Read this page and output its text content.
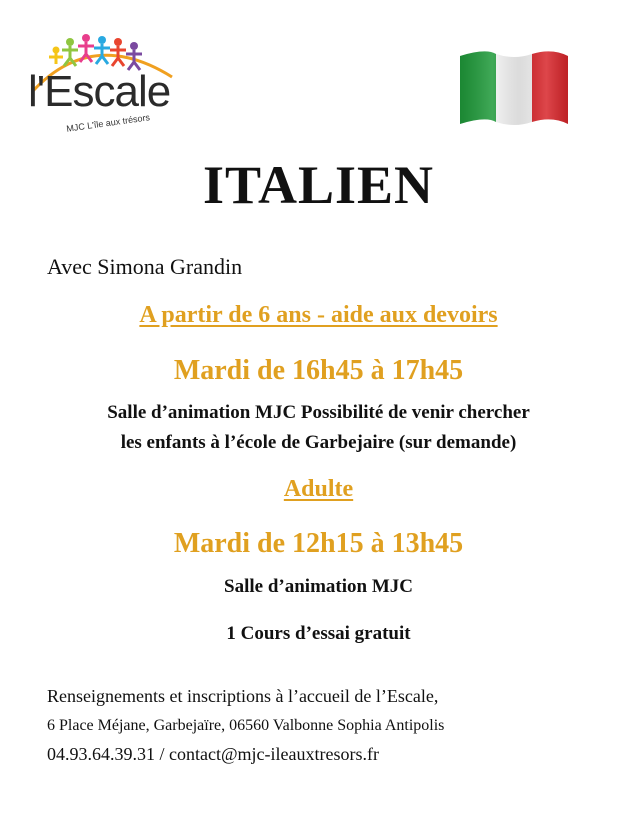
l'Escale
MJC L'île aux trésors
ITALIEN
Avec Simona Grandin
A partir de 6 ans - aide aux devoirs
Mardi de 16h45 à 17h45
Salle d’animation MJC Possibilité de venir chercher
les enfants à l’école de Garbejaire (sur demande)
Adulte
Mardi de 12h15 à 13h45
Salle d’animation MJC
1 Cours d’essai gratuit
Renseignements et inscriptions à l’accueil de l’Escale,
6 Place Méjane, Garbejaïre, 06560 Valbonne Sophia Antipolis
04.93.64.39.31 / contact@mjc-ileauxtresors.fr
